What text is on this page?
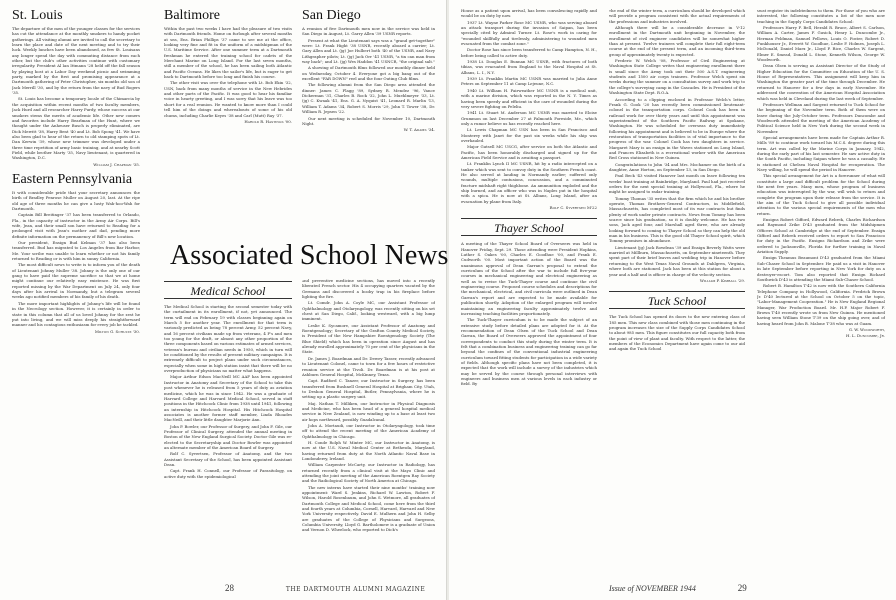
St. Louis

The departure of the men of the younger classes for the services has cut the attendance at the monthly smokers to handy pocket gatherings. All visiting alumni are invited to call the secretary to learn the place and date of the next meeting and to try their luck. Weekly lunches have been abandoned, as few St. Louisans any longer spend the day with commuting distance from each other, but the club's other activities continue with customary irregularity. President Al Ian Ittmann '28 held off the fall season by playing host at a Labor Day weekend picnic and swimming party, marked by the first and promising appearance at a Dartmouth gathering of Peter Christopher, six months old son of Jack Merrill '30, and by the return from the navy of Bud Rogers '35.

St. Louis has become a temporary locale of the Chimarcia by the acquisition within recent months of two faculty members, Jack Hurd and all researcher Harry Purdy, whose success at our smokers stems the merits of academic life. Other new comers and favorites include Harry Bearlman of the Hunt, where we thought under the Anheuser Busch is properly eliminated, are Dick Merritt '38, Harry Bent '40 and Lt. Bob Spong '41. We have also been glad to hear of the return to old stamping spots of Lt. Dan Kerwin '39, whose new trimmer was developed under a three time repetition of army basic training, and at nearby Scott Field, while brother Marty '35, Navy lieutenant, is quartered in Washington, D.C.

William J. Chapman '35.
Eastern Pennsylvania

It with considerable pride that your secretary announces the birth of Bradley Penrose Muller on August 20, last. At the ripe old age of three months he can give a lusty Wah-hoo-Wah for Dartmouth.

Captain Bill Breitinger '37 has been transferred to Orlando, Fla., in the capacity of instructor in the Army Air Corps. Bill's wife, Jean, and their small son have returned to Reading for a prolonged visit with Jean's mother and dad, pending more definite information on the permanency of Bill's new location.

Our president, Ensign Bud Kelman '37 has also been transferred. Bud has migrated to Los Angeles from Bar Harbor, Me. Your scribe was unable to learn whether or not his family returned to Reading or is with him in sunny California.

The most difficult news to write is to inform you of the death of Lieutenant Johnny Muller '38. Johnny is the only one of our gang to have paid the supreme sacrifice so that we at home might continue our relatively easy existence. He was first reported missing by the War Department on July 24, only four days after his arrival in Normandy, but a telegram several weeks ago notified members of his family of his death.

The more important highlights of Johnny's life will be found in the Necrology section. However, it is certainly in order to state in this column that all of us loved Johnny for the zest he put into living, and we will miss deeply his straightforward manner and his contagious enthusiasm for every job he tackled.

Milton G. Schultz '30.
Baltimore

Within the past two weeks I have had the pleasure of two visits with Dartmouth friends. Home on furlough after several months at sea, Ens. Brian Phillips '37 came to see me at the office, looking very fine and fit in the uniform of a midshipman of the U.S. Maritime Service. After one summer term at a Dartmouth freshman he entered the training school for cadets of the Merchant Marine on Long Island. For the last seven months, still a member of the school, he has been sailing both Atlantic and Pacific Oceans. He likes the sailor's life, but is eager to get back to Dartmouth before too long and finish his course.

The other visit was over the telephone with Lt. Bob Ekin '32, USN, back from many months of service in the New Hebrides and other parts of the Pacific. It was good to hear his familiar voice in hearty greeting, and I was sorry that his leave was too short for a real reunion. He wanted to know more than I could tell him of the doings and whereabouts of some of his old chums, including Charlie Keyes '38 and Carl (Mutt) Ray '37.

Harold R. Hastings '00.
San Diego

A reunion of five Dartmouth men now in the service was held in San Diego in August, Lt. Garry Allen '39 USNR reports.

Present at what the Lieutenant says was a "grand get-together" were: Lt. Frank Hight '38 USNR, recently aboard a carrier; Lt. Gary Allen and Lt. (jg) Joe Hulbert both '40 of the USNR, and Navy Lithgrapher pilots; Lt. (jg) Jack Orr '41 USNR, "a tin can man from way back"; and Lt. (jg) Wes Haddon '41 USNCR, "the original salt."

A showing of Dartmouth films followed our monthly dinner held on Wednesday, October 4. Everyone got a big bang out of the excellent "FAR DOWN" reel and the four Outing Club films.

The following alumni from the San Diego area attended the dinner: James C. Flagg '89, Sydney R. Mendez '96, Vance Dickerman '31, Charles B. Rock '32, John L. Muehlmeyer '33, Lt. (jg) C. Kwaak '41, Ens. G. A. Nyquist '41, Leonard R. Marlin '13, William T. Adams '34, Robert S. Morris '29, John T. Tower '38, Dr. William R. Jepsen '22.

Our next meeting is scheduled for November 10, Dartmouth Night.

W. T. Adams '34.
Associated School News
Medical School

The Medical School is starting the second semester today with the curtailment in its enrollment, if not, yet announced. The term will end on February 19 with classes beginning again on March 5 for another year. The enrollment for that term is variously predicted as being 78 percent Army, 52 percent Navy, and 16 percent civilians made up from veterans, 4 F's and men too young for the draft, or almost any other proportion of the three components based on various estimates of armed services, veteran's bureau and civilian needs in 1950, which in turn will be conditioned by the results of present military campaigns. It is extremely difficult to project plans under such circumstances, especially when some in high station insist that there will be no overproduction of physicians no matter what happens.

Major Arthur Edson MacNeill MC AAF has been appointed Instructor in Anatomy and Secretary of the School to take this post whenever he is released from 5 years of duty as aviation medicine, which he was in since 1942. He was a graduate of Harvard College and Harvard Medical School, served in staff positions in the Hitchcock Clinic from 1938 until 1941, following an internship in Hitchcock Hospital. His Hitchcock Hospital associates is another former staff member, Linda Rhoades MacNeill, and their little daughter Marjorie Ann.

John P. Bowler, our Professor of Surgery, and John F. Gile, our Professor of Clinical Surgery, attended the annual meeting in Boston of the New England Surgical Society. Doctor Gile was re-elected to the Secretaryship and Doctor Bowler was appointed an alternate member of the American Board of Surgery.

Rolf C. Syvertsen, Professor of Anatomy, and the two Assistant Secretary of the School, has been appointed Assistant Dean.

Capt. Frank H. Connell, our Professor of Parasitology, on active duty with the epidemiological

and preventive medicine sections, has moved into a recently liberated French sector. His 4 occupying quarters vacated by the Germans and discovered a booby trap in his fireplace before lighting the fire.

Lt. Comdr. John A. Coyle MC, our Assistant Professor of Ophthalmology and Otolaryngology, was recently sitting on his set chest at San Diego, Calif., looking westward, with a big lump imminent.

Leslie K. Sycamore, our Assistant Professor of Anatomy and Roentgenology; Secretary of the Grafton County Medical Society, is President of the New Hampshire Roentgenology Society (The Blue Shield) which has been in operation since August and has already enrolled approximately 70 per cent of the physicians in the State.

Dr. James J. Boardman and Dr. Dewey Tasser, recently advanced to Lieutenant Colonel, came to town for a few hours of restrictive reunion service at the Tivoli. Dr. Boardman is at his post at Ashburn General Hospital, McKinney, Texas.

Capt. Radford C. Tanzer, our Instructor in Surgery, has been transferred from Bushnell General Hospital at Brigham City, Utah, to Deshon General Hospital, Butler, Pennsylvania, where he is setting up a plastic surgery unit.

Maj. Nathan T. Milliken, our Instructor in Physical Diagnosis and Medicine, who has been head of a general hospital medical service in New Zealand, is now winding up to a base at least two air hops northward, possibly Guadalcanal.

John A. Mortaudi, our Instructor in Otolaryngology, took time off to attend the recent meeting of the American Academy of Ophthalmology in Chicago.

H. Conde Rolph W. Minter MC, our Instructor in Anatomy, is now at the U.S. Naval Medical Center at Bethesda, Maryland, having returned from duty at the North Atlantic Naval Base in Londonderry, Ireland.

William Carpenter McCarty, our Instructor in Radiology, has returned recently from a clinical visit at the Mayo Clinic and attending the joint meeting of the American Roentgen Ray Society and the Radiological Society of North America at Chicago.

The new interns have started their nine months' training now appointment: Ward S. Jenkins, Richard W. Lawton, Robert F. Wilson, Harold Rosenbaum, and John S. Wetmore, all graduates of Dartmouth College and Medical School, come here from the third and fourth years at Columbia, Cornell, Harvard, Harvard and New York University respectively. David E. Mulhern and John H. Selby are graduates of the College of Physicians and Surgeons, Columbia University, Lloyd G. Bartholomew is a graduate of Union and Vernon D. Wheelock, who reported to Dick's

28	THE DARTMOUTH ALUMNI MAGAZINE

House as a patient upon arrival, has been convalescing rapidly and would be on duty by now.

1937 Lt. Wayne Parker Rose MC USNR, who was serving aboard an attack transport during the invasion of Saipan, has been specially cited by Admiral Turner. Lt. Rose's work in caring for "wounded skillfully and tirelessly, administering to wounded men evacuated from the combat zone."

Doctor Rose has since been transferred to Camp Hampton, N. H., before being called to active duty.

1938 Lt. Douglas E. Bunnan MC USNR, with fractures of both tibias, was evacuated from England to the Naval Hospital at St. Albans, L. I., N.Y.

1939 Lt. Franklin Martin MC USNR was married to Julia Anne Peters on September 11 at Camp Lejeune, N.C.

1940 Lt. William H. Fairweather MC USNR is a medical unit, with a marine division, which was reported in the N. Y. Times as having been speedy and efficient in the care of wounded during the very severe fighting on Peleliu.

1941 Lt. Stuart M. Anderson MC USNR was married to Eloise Grummon on last December 27 at Falmouth Foreside, Me., which only a rumor believe us has recently reached here.

Lt. Lewis Chapman MC USN has been in San Francisco and Monterey with Janet for the past six weeks while his ship was overhauled.

Major Gutsell MC USCG, after service on both the Atlantic and Pacific, has been honorably discharged and signed up for the American Field Service and is awaiting a passport.

Lt. Franklin Lynch II MC USNR, hit by a radio intercepted on a tanker which was sent to convoy duty in the Southern French coast. He also served at landing in Normandy earlier; suffered only wounds, multiple contusions, concussion, and a comminuted fracture midshaft right thighbone. An ammunition exploded and the ship burned, and an officer who was in Naples put in the hospital with a spica. He is now at St. Albans, Long Island, after an evacuation by plane from Italy.

Rolf C. Syvertsen M'22
Thayer School

A meeting of the Thayer School Board of Overseers was held in Hanover Friday, Sept. 29. Those attending were President Hopkins, Luther S. Oakes '00, Charles E. Goodhue '00, and Frank E. Cudworth '00. Most important action of the Board was the unanimous approval of Dean Garran's proposal to extend the curriculum of the School after the war to include full five-year courses in mechanical engineering and electrical engineering as well as to revise the Tuck-Thayer course and continue the civil engineering course. Proposed course schedules and descriptions for the mechanical, electrical, and civil curricula were outlined in Dean Garran's report and are expected to be made available for publication shortly. Adoption of the enlarged program will involve maintaining an engineering faculty approximately twelve and increasing teaching facilities proportionately.

The Tuck-Thayer curriculum is to be made the subject of an extensive study before detailed plans are adopted for it. At the recommendation of Dean Olsen of the Tuck School and Dean Garran, the Board of Overseers approved the appointment of four correspondents to conduct this study during the winter term. It is felt that a combination business and engineering training can go far beyond the confines of the conventional industrial engineering curriculum toward fitting students for participation in a wide variety of fields. Although specific plans have not been completed, it is expected that the work will include a survey of the industries which may be served by the course through personal interviews with engineers and business men at various levels in each industry or field. By

the end of the winter term, a curriculum should be developed which will provide a program consistent with the actual requirements of the professions and industries involved.

Although there will be a considerable decrease in V-12 enrollment in the Dartmouth unit beginning in November, the enrollment of civil engineer candidates will be somewhat higher than at present. Twelve trainees will complete their full eight-term course at the end of the present term, and an incoming third-term group of approximately twenty is expected.

Frederic W. Welch '08, Professor of Civil Engineering at Washington State College writes that engineering enrollment there is small since the Army took out their 500 A.S.T. engineering students and 1500 air corps trainees. Professor Welch spent six weeks during the summer on a consultation survey and work trip to the college's surveying camp in the Cascades. He is President of the Washington State Dept. R.O.A.

According to a clipping enclosed in Professor Welch's letter, Frank G. Gook '20 has recently been commissioned lieutenant-colonel in the transportation corps. Colonel Cook has been in railroad work for over thirty years and until this appointment was superintendent of the Southern Pacific Railway at Spokane, Washington. He was scheduled for overseas duty immediately following his appointment and is believed to be in Europe where the restoration of transportation facilities is of vital importance to the progress of the war. Colonel Cook has two daughters in service. Margaret Mary is an ensign in the Waves stationed on Long Island, and Frances Elizabeth is a recreational worker with the American Red Cross stationed in New Guinea.

Congratulations to John '34 and Mrs. Mochamer on the birth of a daughter, Anne Horton, on September 13, in San Diego.

Paul Beck '43 visited Hanover last month on leave following ten weeks' boat training at Bainbridge, Maryland. Paul had just received orders for the next special training at Hollywood, Fla., where he might be assigned to radar training.

Tommy Thomas '35 writes that the firm which he and his brother operate, Thomas Brothers-General Contractors, in Middlefield, Massachusetts, has completed most of its war contracts but finds plenty of work under private contracts. News from Tommy has been scarce since his graduation, so it is doubly welcome. He has two sons, Jack aged four, and Marshall aged three, who are already looking forward to coming to Thayer School so they can help the old man in his business. This is the good old Thayer School spirit, which Tommy promises in abundance.

Lieutenant (jg) Jack Rowdean '39 and Ensign Beverly Watts were married at Millburn, Massachusetts, on September nineteenth. They spent part of their brief leaves and wedding trip in Hanover before returning to the West Texas Naval Grounds at Dahlgren, Virginia, where both are stationed. Jack has been at this station for about a year and a half and is officer in charge of the velocity section.

William P. Kimball '29.
Tuck School

The Tuck School has opened its doors to the new entering class of 185 men. This new class combined with those men continuing in the program increases the size of the Supply Corps Candidates School to about 985 men. This figure constitutes our full capacity both from the point of view of plant and faculty. With respect to the latter, the members of the Economics Department have again come to our aid and again the Tuck School

must register its indebtedness to them. For those of you who are interested, the following constitutes a list of the men now teaching in the Supply Corps Candidates School:

Professors Harry F. Bell, Herald R. Bruce, Albert S. Carlson, William A. Carter, James F. Gusick, Henry L. Duncombe Jr., Herman Feldman, Samuel Fellows, Louis O. Foster, Robert D. Funkhouser Jr., Everett W. Goodhue, Leslie F. Holmes, Joseph L. McDonald, Daniel Marx Jr., Lloyd P. Rice, Charles W. Sargent, Elmer E. Smead, Donald L. Stone, Kenneth Wilson, George W. Woodworth.

Dean Olsen is serving as Assistant Director of the Study of Higher Education for the Committee on Education of the U. S. House of Representatives. This assignment will keep him in Washington the greater part of the time through December. He returned to Hanover for a few days in early November. He addressed the convention of the American Hospital Association which was held in Cleveland during the last week of September.

Professors Wellman and Sargent returned to Tuck School for the beginning of the November term. Both of them were on leave during the July-October term. Professors Duncombe and Woodworth attended the meeting of the American Academy of Political Science held in New York during the second week in November.

Special arrangements have been made for Captain Arthur R. Mills '89 to continue work toward his M.C.S. degree during this term. Art was called by the Marine Corps in January, 1942, during the early part of his last semester. He saw active duty in the South Pacific, including Saipan where he was a casualty. He is stationed at Chelsea Naval Hospital for recuperation. The Navy willing, he will spend the period in Hanover.

This special arrangement for Art is a forerunner of what will constitute a large and difficult problem for the School during the next few years. Many men, whose program of business education was interrupted by the war, will wish to return and complete the program upon their release from the service. It is the aim of the Tuck School to give all possible individual attention to the various special requirements of the men who return.

Ensigns Robert Gifford, Edward Rebrek, Charles Richardson and Raymond Zrike D'43 graduated from the Midshipmen Officers School at Cambridge at the end of September. Ensign Gifford and Rebrek received orders to report to San Francisco for duty in the Pacific. Ensigns Richardson and Zrike were ordered to Jacksonville, Florida for further training in Naval Aviation Supply.

Ensign Theamus Beaumont D'43 graduated from the Miami Sub-Chaser School in September. He paid us a visit in Hanover in late September before reporting in New York for duty on a destroyer-escort. Tom also reported that Ensign Richard Southwick D'43 is attending the Miami Sub-Chaser School.

Robert B. Hamilton T'42 is now with the Southern California Telephone Company in Hollywood, California. Fredrick Brown Jr. D'40 lectured at the School on October 5 on the topic, "Labor-Management Cooperation." He is New England Regional Manager, War Production Board. Mr. H.P. Major Robert F. Brown T'40 recently wrote us from New Guinea. He mentioned having seen William Stone T'39 on the ship going over, and of having heard from John B. Malone T'38 who was at Guam.

G. W. Woodworth,
H. L. Duncombe, Jr.
Issue of NOVEMBER 1944	29
